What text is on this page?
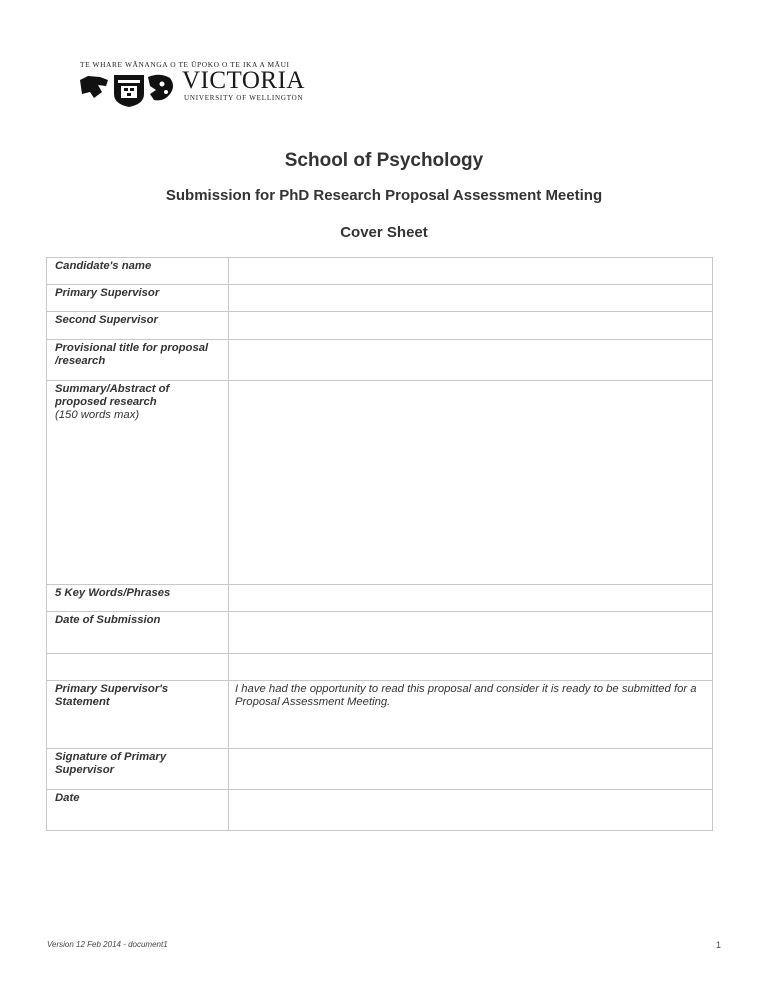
TE WHARE WĀNANGA O TE ŪPOKO O TE IKA A MĀUI
VICTORIA
UNIVERSITY OF WELLINGTON
School of Psychology
Submission for PhD Research Proposal Assessment Meeting
Cover Sheet
Candidate's name	
Primary Supervisor	
Second Supervisor	
Provisional title for proposal /research	
Summary/Abstract of proposed research
(150 words max)	
5 Key Words/Phrases	
Date of Submission	

Primary Supervisor's Statement	I have had the opportunity to read this proposal and consider it is ready to be submitted for a Proposal Assessment Meeting.
Signature of Primary Supervisor	
Date	
Version 12 Feb 2014 - document1	1
